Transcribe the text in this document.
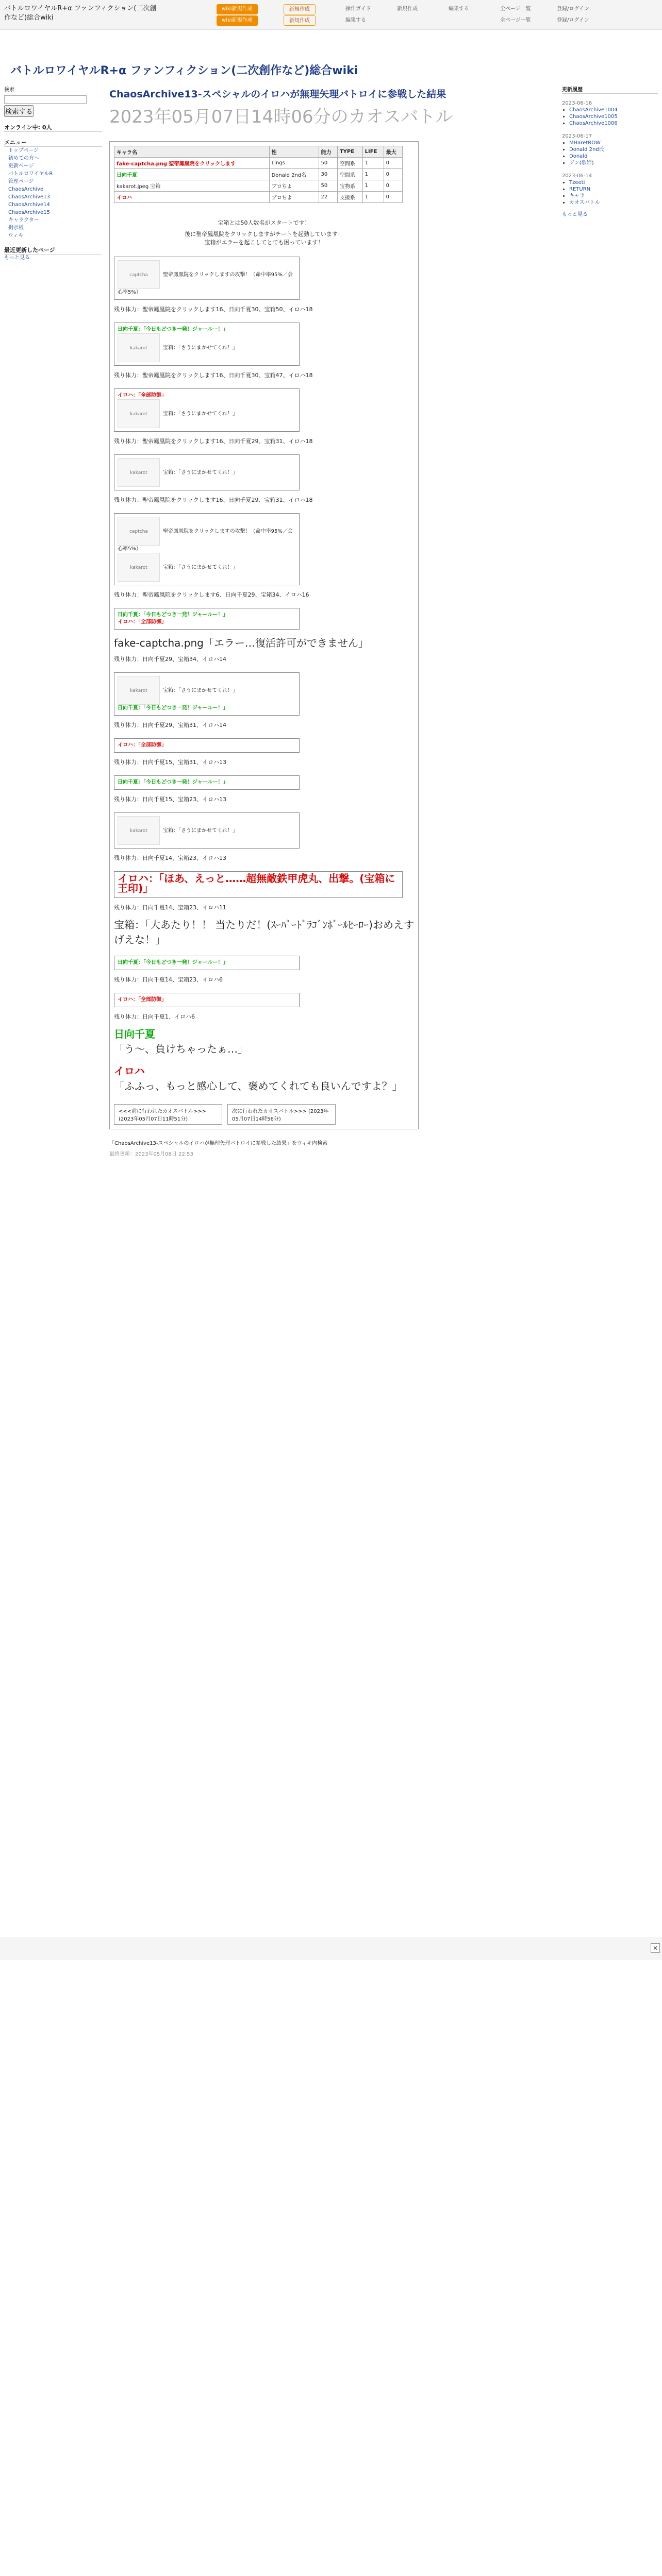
バトルロワイヤルR+α ファンフィクション(二次創作など)総合wiki
wiki新規作成	新規作成	操作ガイド	新規作成	編集する	全ページ一覧	登録/ログイン
wiki新規作成	新規作成	編集する	全ページ一覧	登録/ログイン
バトルロワイヤルR+α ファンフィクション(二次創作など)総合wiki
検索
検索する
オンライン中: 0人
メニュー
トップページ
初めての方へ
更新ページ
バトルロワイヤルR
管理ページ
ChaosArchive
ChaosArchive13
ChaosArchive14
ChaosArchive15
キャラクター
掲示板
ウィキ
最近更新したページ
もっと見る
ChaosArchive13-スペシャルのイロハが無理矢理バトロイに参戦した結果
2023年05月07日14時06分のカオスバトル
キャラ名	性	能力	TYPE	LIFE	最大
fake-captcha.png 聖帝鳳凰院をクリックします	Lings	50	空間系	1	0
日向千夏	Donald 2nd名	30	空間系	1	0
kakarot.jpeg 宝箱	ブロちよ	50	宝物系	1	0
イロハ	ブロちよ	22	支援系	1	0
宝箱とは50人数名がスタートです！
後に聖帝鳳凰院をクリックしますがチートを起動しています！
宝箱がエラーを起こしてとても困っています！
captcha	聖帝鳳凰院をクリックしますの攻撃！（命中率95%／会心率5%）
残り体力：聖帝鳳凰院をクリックします16、日向千夏30、宝箱50、イロハ18
日向千夏：「今日もどつき一発！ジャールー！」
kakarot	宝箱：「さうにまかせてくれ！」
残り体力：聖帝鳳凰院をクリックします16、日向千夏30、宝箱47、イロハ18
イロハ：「全部防御」
kakarot	宝箱：「さうにまかせてくれ！」
残り体力：聖帝鳳凰院をクリックします16、日向千夏29、宝箱31、イロハ18
kakarot	宝箱：「さうにまかせてくれ！」
残り体力：聖帝鳳凰院をクリックします16、日向千夏29、宝箱31、イロハ18
captcha	聖帝鳳凰院をクリックしますの攻撃！（命中率95%／会心率5%）
kakarot	宝箱：「さうにまかせてくれ！」
残り体力：聖帝鳳凰院をクリックします6、日向千夏29、宝箱34、イロハ16
日向千夏：「今日もどつき一発！ジャールー！」
イロハ：「全部防御」
fake-captcha.png「エラー…復活許可ができません」
残り体力：日向千夏29、宝箱34、イロハ14
kakarot	宝箱：「さうにまかせてくれ！」
日向千夏：「今日もどつき一発！ジャールー！」
残り体力：日向千夏29、宝箱31、イロハ14
イロハ：「全部防御」
残り体力：日向千夏15、宝箱31、イロハ13
日向千夏：「今日もどつき一発！ジャールー！」
残り体力：日向千夏15、宝箱23、イロハ13
kakarot	宝箱：「さうにまかせてくれ！」
残り体力：日向千夏14、宝箱23、イロハ13
イロハ：「ほあ、えっと……超無敵鉄甲虎丸、出撃。(宝箱に王印)」
残り体力：日向千夏14、宝箱23、イロハ11
宝箱：「大あたり！！ 当たりだ！(ｽｰﾊﾟｰﾄﾞﾗｺﾞﾝﾎﾞｰﾙﾋｰﾛｰ)おめえすげえな！」
日向千夏：「今日もどつき一発！ジャールー！」
残り体力：日向千夏14、宝箱23、イロハ6
イロハ：「全部防御」
残り体力：日向千夏1、イロハ6
日向千夏
「う〜、負けちゃったぁ…」
イロハ
「ふふっ、もっと感心して、褒めてくれても良いんですよ？」
<<<前に行われたカオスバトル>>> (2023年05月07日11時51分)
次に行われたカオスバトル>>> (2023年05月07日14時56分)
「ChaosArchive13-スペシャルのイロハが無理矢理バトロイに参戦した結果」をウィキ内検索
最終更新：2023年05月08日 22:53
更新履歴
2023-06-16
• ChaosArchive1004
• ChaosArchive1005
• ChaosArchive1006
2023-06-17
• MHaretROW
• Donald 2nd氏
• Donald
• ジン(歌姫)
2023-06-14
• Tzeeti
• RETURN
• キャラ
• カオスバトル
もっと見る
×
